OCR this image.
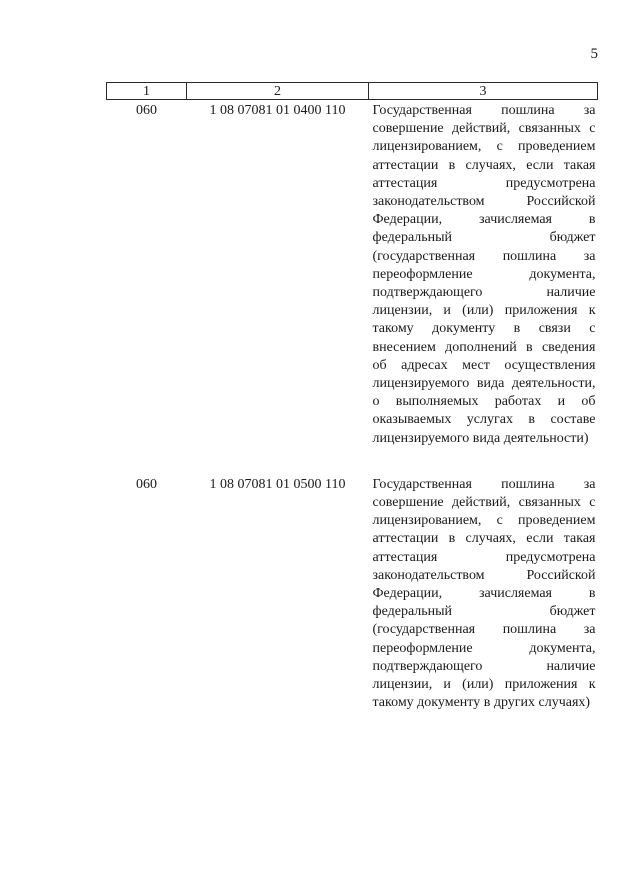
5
1	2	3
060	1 08 07081 01 0400 110	Государственная пошлина за совершение действий, связанных с лицензированием, с проведением аттестации в случаях, если такая аттестация предусмотрена законодательством Российской Федерации, зачисляемая в федеральный бюджет (государственная пошлина за переоформление документа, подтверждающего наличие лицензии, и (или) приложения к такому документу в связи с внесением дополнений в сведения об адресах мест осуществления лицензируемого вида деятельности, о выполняемых работах и об оказываемых услугах в составе лицензируемого вида деятельности)

060	1 08 07081 01 0500 110	Государственная пошлина за совершение действий, связанных с лицензированием, с проведением аттестации в случаях, если такая аттестация предусмотрена законодательством Российской Федерации, зачисляемая в федеральный бюджет (государственная пошлина за переоформление документа, подтверждающего наличие лицензии, и (или) приложения к такому документу в других случаях)
